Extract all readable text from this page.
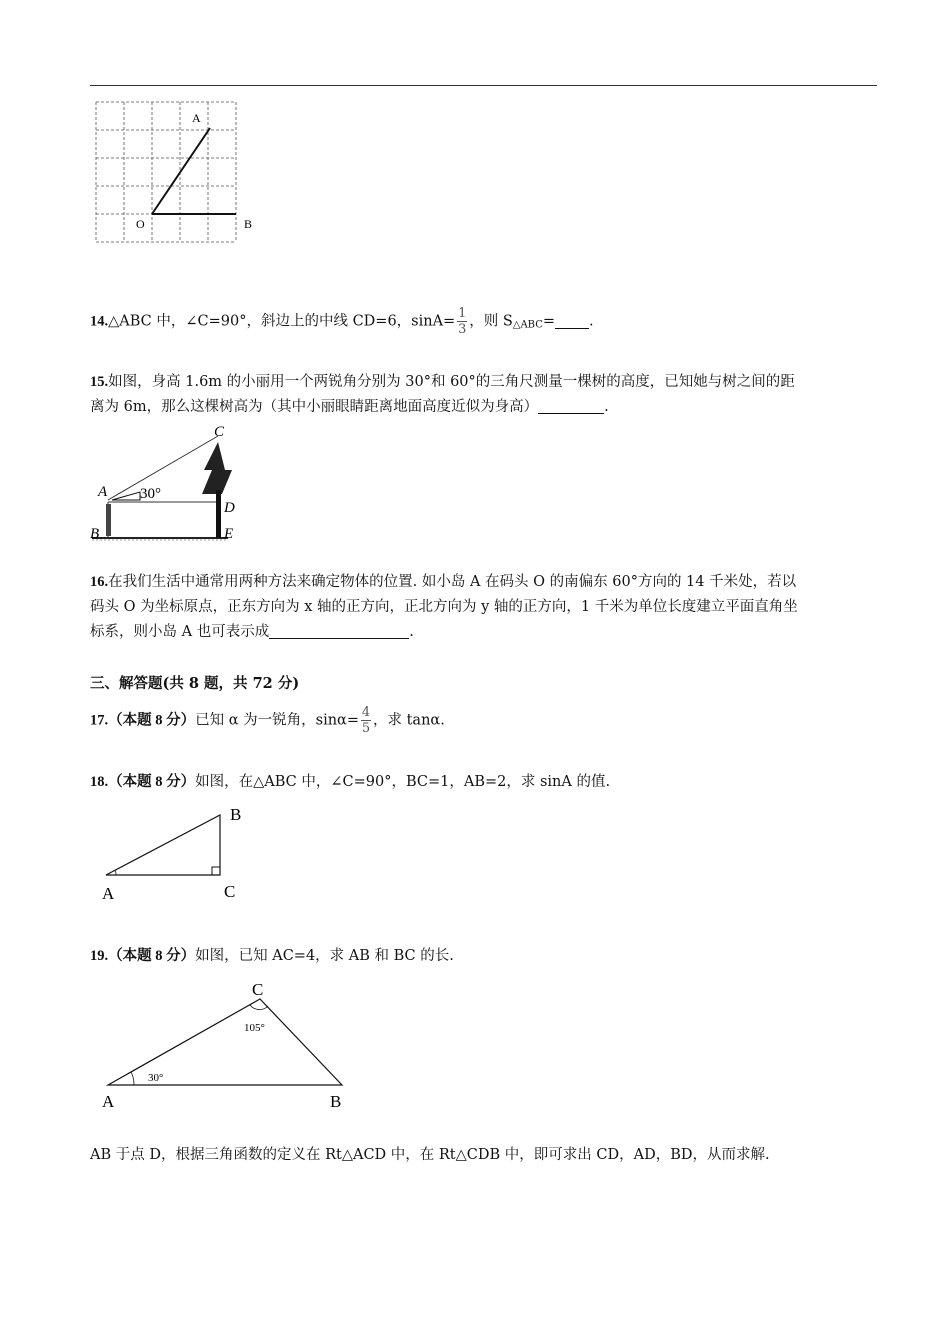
A
O	B
14.△ABC 中，∠C=90°，斜边上的中线 CD=6，$\sin A= \frac{1}{3}$ ，则 $S_{\triangle ABC}=$ .
15.如图，身高 1.6m 的小丽用一个两锐角分别为 30°和 60°的三角尺测量一棵树的高度，已知她与树之间的距
离为 6m，那么这棵树高为（其中小丽眼睛距离地面高度近似为身高）	.
C
A 30°
D
B	E
16.在我们生活中通常用两种方法来确定物体的位置. 如小岛 A 在码头 O 的南偏东 60°方向的 14 千米处，若以
码头 O 为坐标原点，正东方向为 x 轴的正方向，正北方向为 y 轴的正方向，1 千米为单位长度建立平面直角坐
标系，则小岛 A 也可表示成	.
三、解答题(共 8 题，共 72 分)
17.（本题 8 分）已知 α 为一锐角，$\sin\alpha= \frac{4}{5}$ ，求 tanα.
18.（本题 8 分）如图，在△ABC 中，∠C=90°，BC=1，AB=2，求 sinA 的值.
B
A	C
19.（本题 8 分）如图，已知 AC=4，求 AB 和 BC 的长.
C
105°
30°
A	B
AB 于点 D，根据三角函数的定义在 Rt△ACD 中，在 Rt△CDB 中，即可求出 CD，AD，BD，从而求解.
